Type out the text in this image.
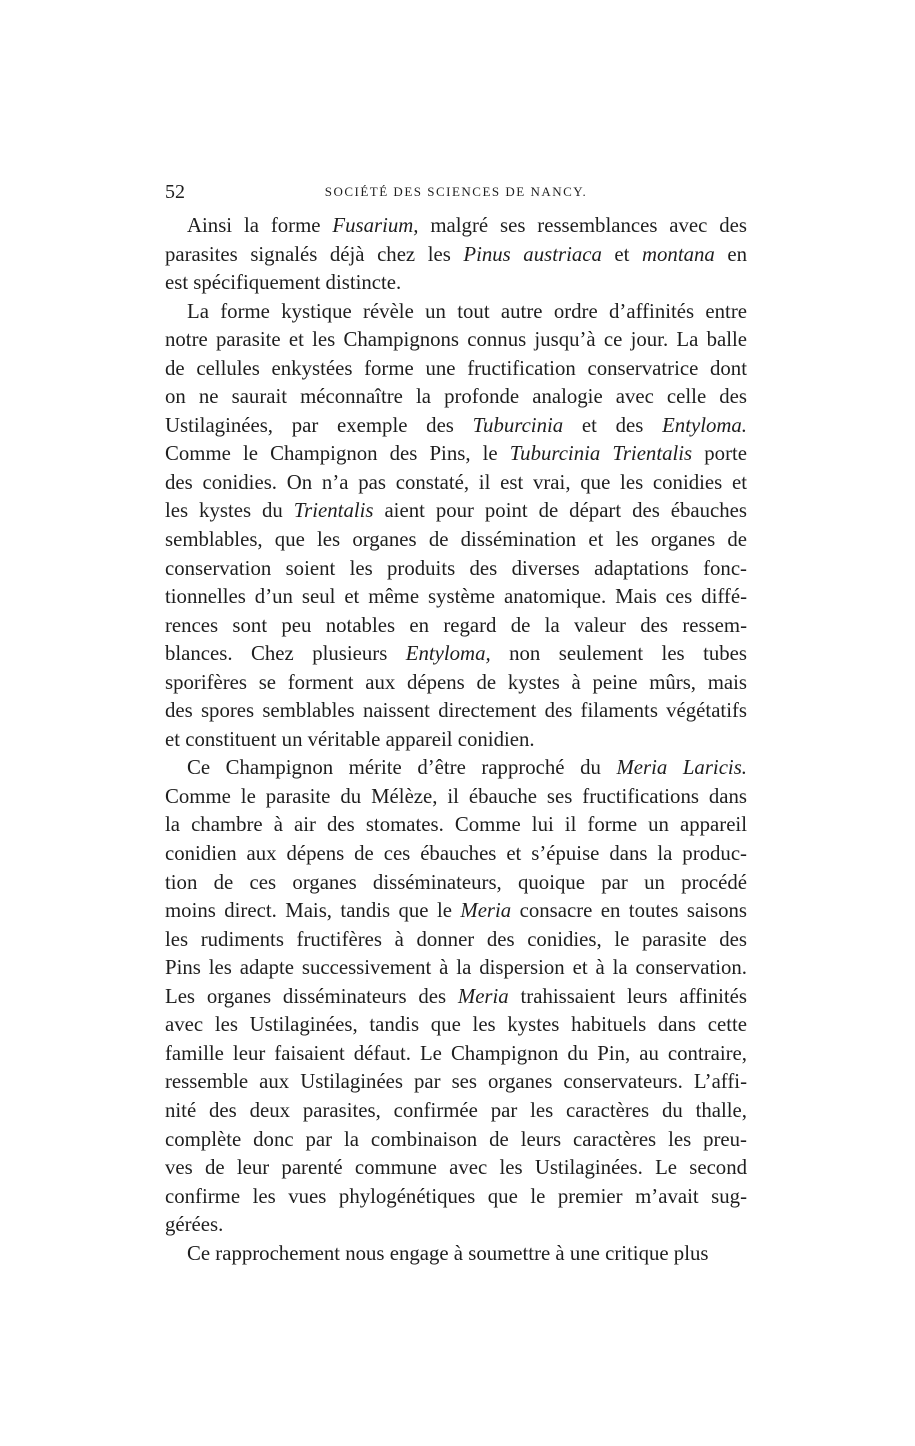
52	SOCIÉTÉ DES SCIENCES DE NANCY.
Ainsi la forme Fusarium, malgré ses ressemblances avec des
parasites signalés déjà chez les Pinus austriaca et montana en
est spécifiquement distincte.
La forme kystique révèle un tout autre ordre d’affinités entre
notre parasite et les Champignons connus jusqu’à ce jour. La balle
de cellules enkystées forme une fructification conservatrice dont
on ne saurait méconnaître la profonde analogie avec celle des
Ustilaginées, par exemple des Tuburcinia et des Entyloma.
Comme le Champignon des Pins, le Tuburcinia Trientalis porte
des conidies. On n’a pas constaté, il est vrai, que les conidies et
les kystes du Trientalis aient pour point de départ des ébauches
semblables, que les organes de dissémination et les organes de
conservation soient les produits des diverses adaptations fonc-
tionnelles d’un seul et même système anatomique. Mais ces diffé-
rences sont peu notables en regard de la valeur des ressem-
blances. Chez plusieurs Entyloma, non seulement les tubes
sporifères se forment aux dépens de kystes à peine mûrs, mais
des spores semblables naissent directement des filaments végétatifs
et constituent un véritable appareil conidien.
Ce Champignon mérite d’être rapproché du Meria Laricis.
Comme le parasite du Mélèze, il ébauche ses fructifications dans
la chambre à air des stomates. Comme lui il forme un appareil
conidien aux dépens de ces ébauches et s’épuise dans la produc-
tion de ces organes disséminateurs, quoique par un procédé
moins direct. Mais, tandis que le Meria consacre en toutes saisons
les rudiments fructifères à donner des conidies, le parasite des
Pins les adapte successivement à la dispersion et à la conservation.
Les organes disséminateurs des Meria trahissaient leurs affinités
avec les Ustilaginées, tandis que les kystes habituels dans cette
famille leur faisaient défaut. Le Champignon du Pin, au contraire,
ressemble aux Ustilaginées par ses organes conservateurs. L’affi-
nité des deux parasites, confirmée par les caractères du thalle,
complète donc par la combinaison de leurs caractères les preu-
ves de leur parenté commune avec les Ustilaginées. Le second
confirme les vues phylogénétiques que le premier m’avait sug-
gérées.
Ce rapprochement nous engage à soumettre à une critique plus
